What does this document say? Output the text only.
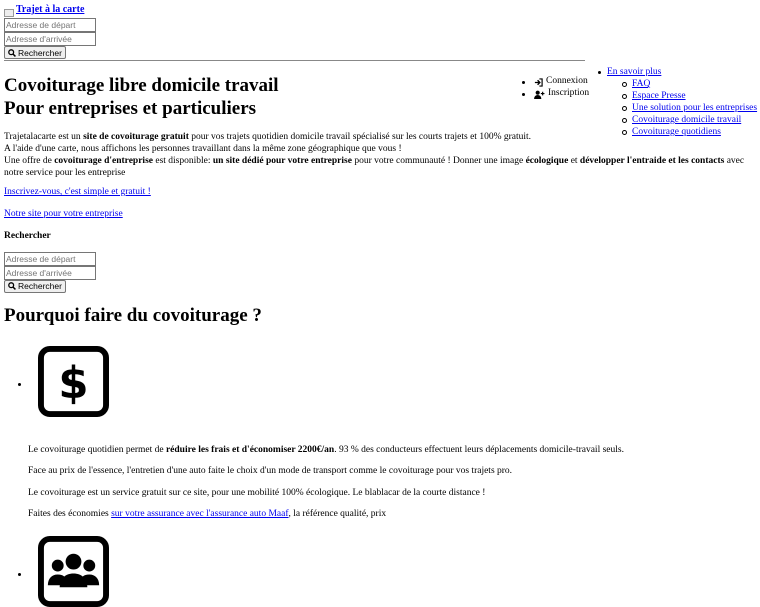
Trajet à la carte
Adresse de départ
Adresse d'arrivée
Rechercher
Covoiturage libre domicile travail
Pour entreprises et particuliers
Connexion
Inscription
En savoir plus
FAQ
Espace Presse
Une solution pour les entreprises
Covoiturage domicile travail
Covoiturage quotidiens
Trajetalacarte est un site de covoiturage gratuit pour vos trajets quotidien domicile travail spécialisé sur les courts trajets et 100% gratuit.
A l'aide d'une carte, nous affichons les personnes travaillant dans la même zone géographique que vous !
Une offre de covoiturage d'entreprise est disponible: un site dédié pour votre entreprise pour votre communauté ! Donner une image écologique et développer l'entraide et les contacts avec notre service pour les entreprise
Inscrivez-vous, c'est simple et gratuit !
Notre site pour votre entreprise
Rechercher
Adresse de départ
Adresse d'arrivée
Rechercher
Pourquoi faire du covoiturage ?
$

Le covoiturage quotidien permet de réduire les frais et d'économiser 2200€/an. 93 % des conducteurs effectuent leurs déplacements domicile-travail seuls.

Face au prix de l'essence, l'entretien d'une auto faite le choix d'un mode de transport comme le covoiturage pour vos trajets pro.

Le covoiturage est un service gratuit sur ce site, pour une mobilité 100% écologique. Le blablacar de la courte distance !

Faites des économies sur votre assurance avec l'assurance auto Maaf, la référence qualité, prix
